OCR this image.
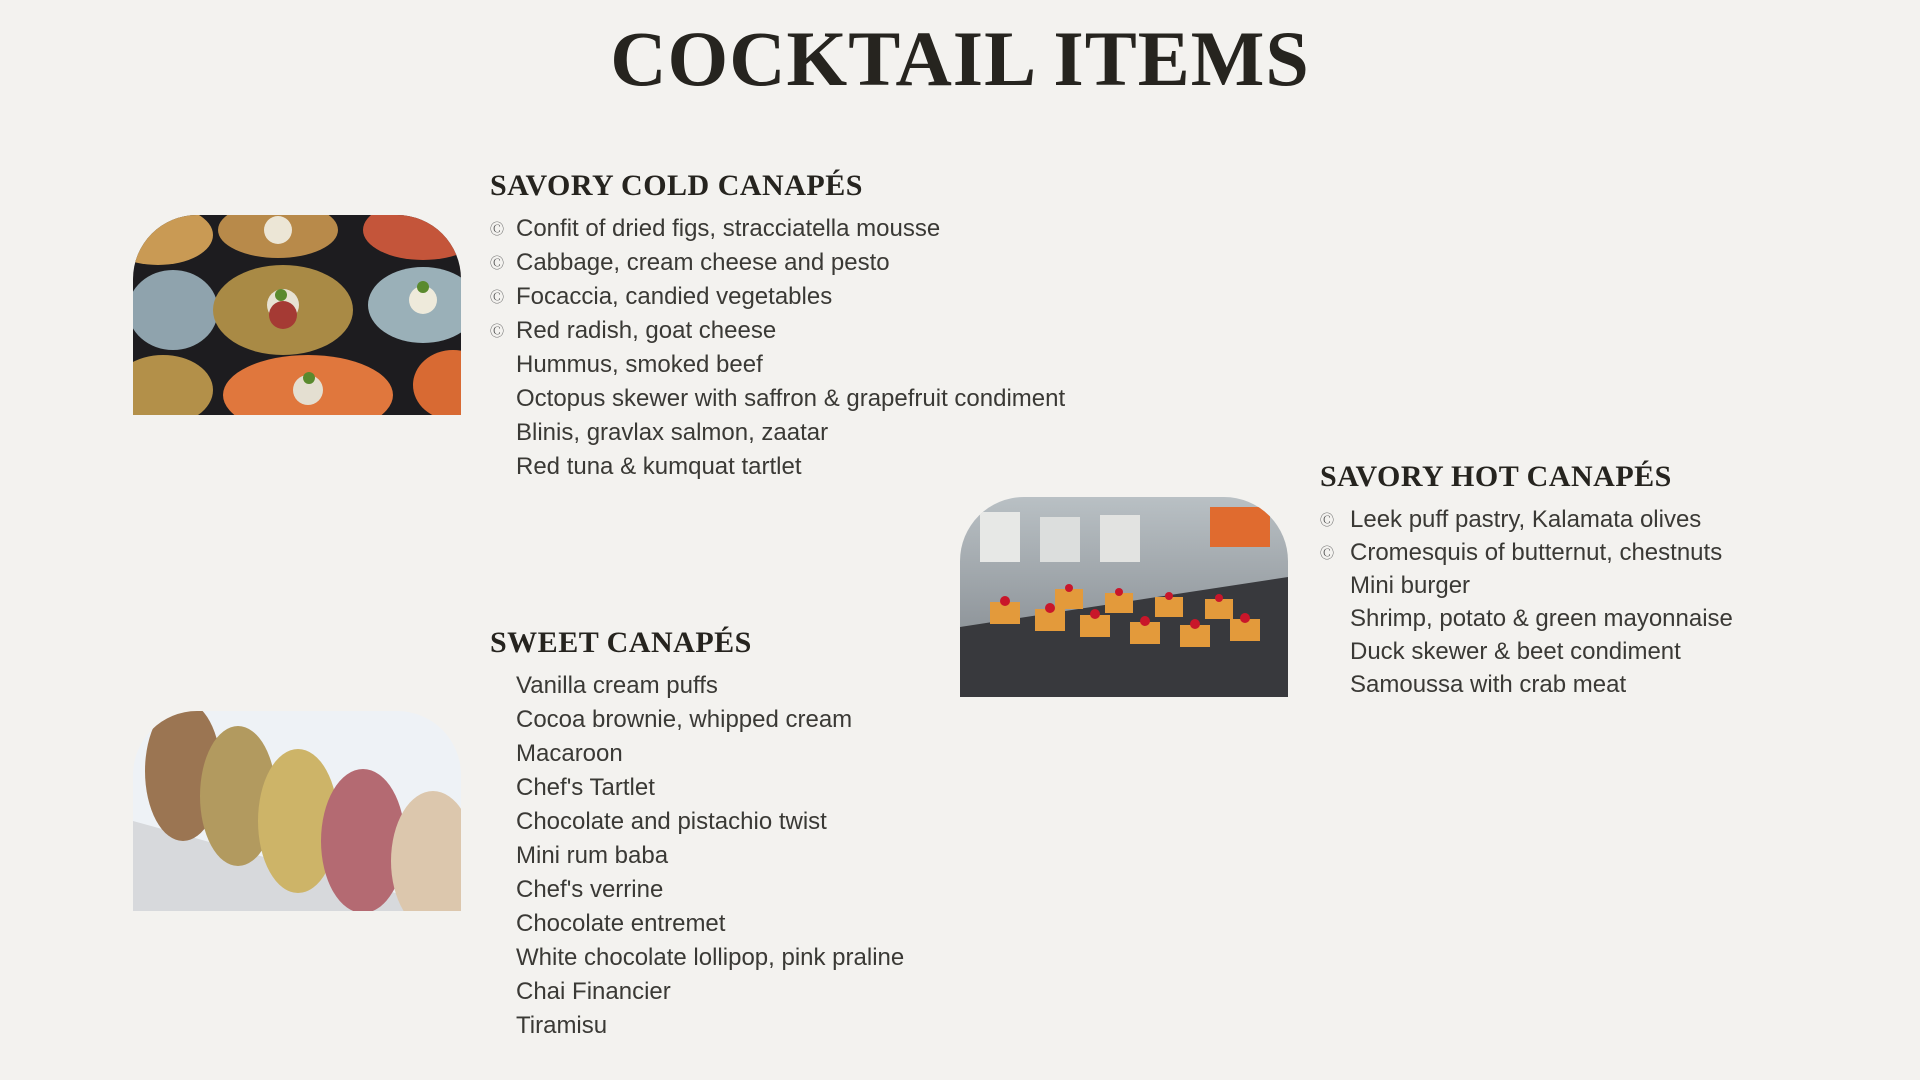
COCKTAIL ITEMS
SAVORY COLD CANAPÉS
Ⓒ Confit of dried figs, stracciatella mousse
Ⓒ Cabbage, cream cheese and pesto
Ⓒ Focaccia, candied vegetables
Ⓒ Red radish, goat cheese
Hummus, smoked beef
Octopus skewer with saffron & grapefruit condiment
Blinis, gravlax salmon, zaatar
Red tuna & kumquat tartlet	SAVORY HOT CANAPÉS
Ⓒ Leek puff pastry, Kalamata olives
Ⓒ Cromesquis of butternut, chestnuts
Mini burger
Shrimp, potato & green mayonnaise
Duck skewer & beet condiment
Samoussa with crab meat
SWEET CANAPÉS
Vanilla cream puffs
Cocoa brownie, whipped cream
Macaroon
Chef's Tartlet
Chocolate and pistachio twist
Mini rum baba
Chef's verrine
Chocolate entremet
White chocolate lollipop, pink praline
Chai Financier
Tiramisu
